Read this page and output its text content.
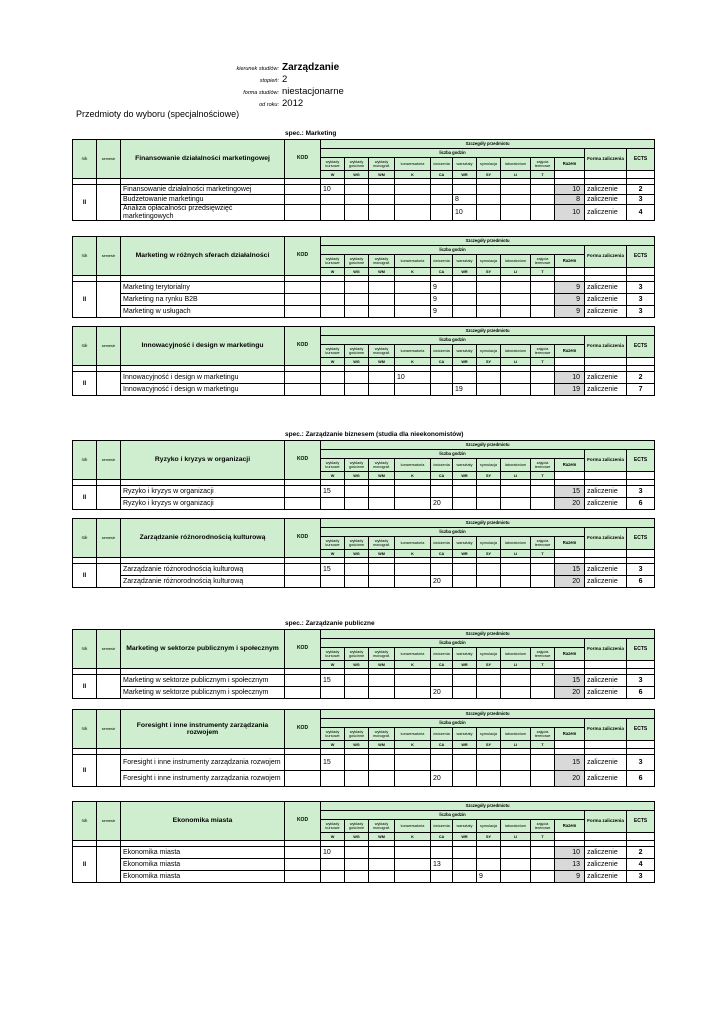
kierunek studiów: Zarządzanie
stopień: 2
forma studiów: niestacjonarne
od roku: 2012
Przedmioty do wyboru (specjalnościowe)
spec.: Marketing
rok	semestr	Finansowanie działalności marketingowej	KOD	Szczegóły przedmiotu											
				liczba godzin										Forma zaliczenia	ECTS
				wykłady kursowe	wykłady gościnne	wykłady monograf.	konwersatoria	ćwiczenia	warsztaty	symulacja	laboratorium	zajęcia terenowe	Razem		
				W	WG	WM	K	CA	WR	SY	LI	T			

II		Finansowanie działalności marketingowej		10									10	zaliczenie	2
		Budżetowanie marketingu							8				8	zaliczenie	3
		Analiza opłacalności przedsięwzięć marketingowych							10				10	zaliczenie	4
rok	semestr	Marketing w różnych sferach działalności	KOD	Szczegóły przedmiotu											
				liczba godzin										Forma zaliczenia	ECTS
				wykłady kursowe	wykłady gościnne	wykłady monograf.	konwersatoria	ćwiczenia	warsztaty	symulacja	laboratorium	zajęcia terenowe	Razem		
				W	WG	WM	K	CA	WR	SY	LI	T			

II		Marketing terytorialny						9					9	zaliczenie	3
		Marketing na rynku B2B						9					9	zaliczenie	3
		Marketing w usługach						9					9	zaliczenie	3
rok	semestr	Innowacyjność i design w marketingu	KOD	Szczegóły przedmiotu											
				liczba godzin										Forma zaliczenia	ECTS
				wykłady kursowe	wykłady gościnne	wykłady monograf.	konwersatoria	ćwiczenia	warsztaty	symulacja	laboratorium	zajęcia terenowe	Razem		
				W	WG	WM	K	CA	WR	SY	LI	T			

II		Innowacyjność i design w marketingu					10						10	zaliczenie	2
		Innowacyjność i design w marketingu							19				19	zaliczenie	7
spec.: Zarządzanie biznesem (studia dla nieekonomistów)
rok	semestr	Ryzyko i kryzys w organizacji	KOD	Szczegóły przedmiotu											
				liczba godzin										Forma zaliczenia	ECTS
				wykłady kursowe	wykłady gościnne	wykłady monograf.	konwersatoria	ćwiczenia	warsztaty	symulacja	laboratorium	zajęcia terenowe	Razem		
				W	WG	WM	K	CA	WR	SY	LI	T			

II		Ryzyko i kryzys w organizacji		15									15	zaliczenie	3
		Ryzyko i kryzys w organizacji						20					20	zaliczenie	6
rok	semestr	Zarządzanie różnorodnością kulturową	KOD	Szczegóły przedmiotu											
				liczba godzin										Forma zaliczenia	ECTS
				wykłady kursowe	wykłady gościnne	wykłady monograf.	konwersatoria	ćwiczenia	warsztaty	symulacja	laboratorium	zajęcia terenowe	Razem		
				W	WG	WM	K	CA	WR	SY	LI	T			

II		Zarządzanie różnorodnością kulturową		15									15	zaliczenie	3
		Zarządzanie różnorodnością kulturową						20					20	zaliczenie	6
spec.: Zarządzanie publiczne
rok	semestr	Marketing w sektorze publicznym i społecznym	KOD	Szczegóły przedmiotu											
				liczba godzin										Forma zaliczenia	ECTS
				wykłady kursowe	wykłady gościnne	wykłady monograf.	konwersatoria	ćwiczenia	warsztaty	symulacja	laboratorium	zajęcia terenowe	Razem		
				W	WG	WM	K	CA	WR	SY	LI	T			

II		Marketing w sektorze publicznym i społecznym		15									15	zaliczenie	3
		Marketing w sektorze publicznym i społecznym						20					20	zaliczenie	6
rok	semestr	Foresight i inne instrumenty zarządzania rozwojem	KOD	Szczegóły przedmiotu											
				liczba godzin										Forma zaliczenia	ECTS
				wykłady kursowe	wykłady gościnne	wykłady monograf.	konwersatoria	ćwiczenia	warsztaty	symulacja	laboratorium	zajęcia terenowe	Razem		
				W	WG	WM	K	CA	WR	SY	LI	T			

II		Foresight i inne instrumenty zarządzania rozwojem		15									15	zaliczenie	3
		Foresight i inne instrumenty zarządzania rozwojem						20					20	zaliczenie	6
rok	semestr	Ekonomika miasta	KOD	Szczegóły przedmiotu											
				liczba godzin										Forma zaliczenia	ECTS
				wykłady kursowe	wykłady gościnne	wykłady monograf.	konwersatoria	ćwiczenia	warsztaty	symulacja	laboratorium	zajęcia terenowe	Razem		
				W	WG	WM	K	CA	WR	SY	LI	T			

II		Ekonomika miasta		10									10	zaliczenie	2
		Ekonomika miasta						13					13	zaliczenie	4
		Ekonomika miasta								9			9	zaliczenie	3
